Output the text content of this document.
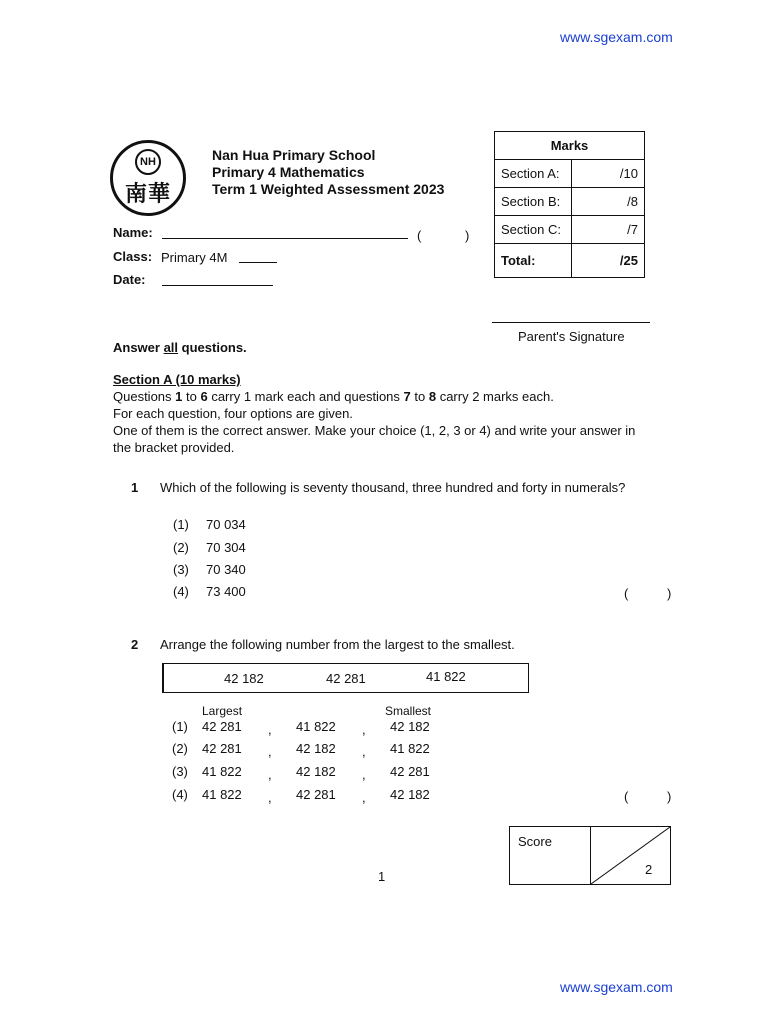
www.sgexam.com
NH
南華
Nan Hua Primary School
Primary 4 Mathematics
Term 1 Weighted Assessment 2023
Marks	
Section A:	/10
Section B:	/8
Section C:	/7
Total:	/25
Name:	(	)
Class: Primary 4M
Date:
Parent's Signature
Answer all questions.
Section A (10 marks)
Questions 1 to 6 carry 1 mark each and questions 7 to 8 carry 2 marks each.
For each question, four options are given.
One of them is the correct answer. Make your choice (1, 2, 3 or 4) and write your answer in
the bracket provided.
1 Which of the following is seventy thousand, three hundred and forty in numerals?
(1) 70 034
(2) 70 304
(3) 70 340
(4) 73 400	(	)
2 Arrange the following number from the largest to the smallest.
42 182	42 281	41 822
Largest	Smallest
(1) 42 281 , 41 822 , 42 182
(2) 42 281 , 42 182 , 41 822
(3) 41 822 , 42 182 , 42 281
(4) 41 822 , 42 281 , 42 182	(	)
Score
2
1
www.sgexam.com
